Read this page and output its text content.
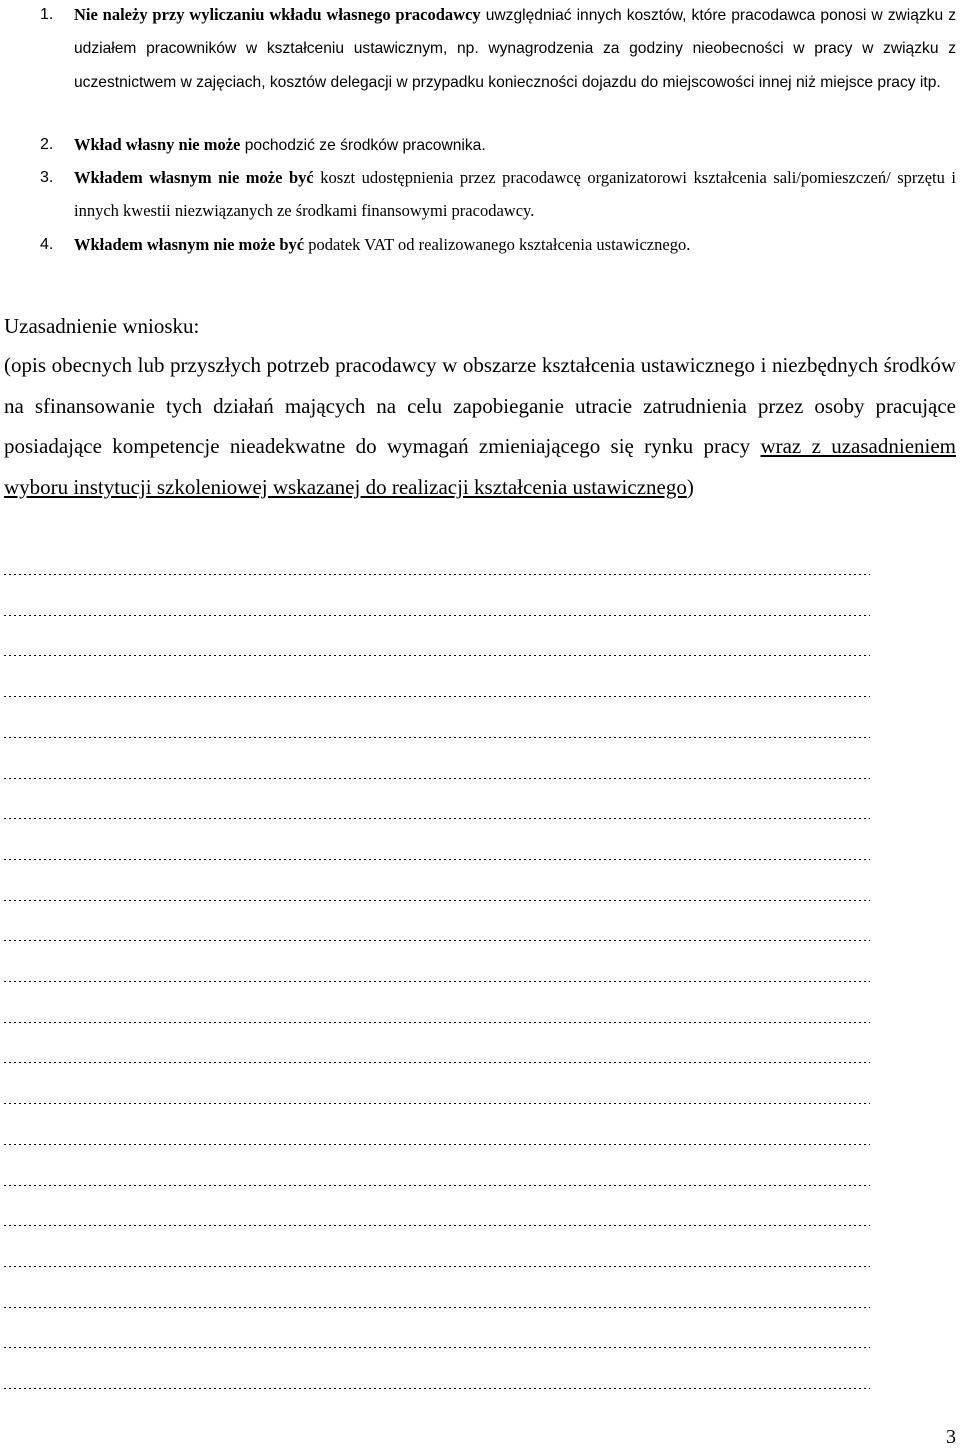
1. Nie należy przy wyliczaniu wkładu własnego pracodawcy uwzględniać innych kosztów, które pracodawca ponosi w związku z udziałem pracowników w kształceniu ustawicznym, np. wynagrodzenia za godziny nieobecności w pracy w związku z uczestnictwem w zajęciach, kosztów delegacji w przypadku konieczności dojazdu do miejscowości innej niż miejsce pracy itp.
2. Wkład własny nie może pochodzić ze środków pracownika.
3. Wkładem własnym nie może być koszt udostępnienia przez pracodawcę organizatorowi kształcenia sali/pomieszczeń/ sprzętu i innych kwestii niezwiązanych ze środkami finansowymi pracodawcy.
4. Wkładem własnym nie może być podatek VAT od realizowanego kształcenia ustawicznego.
Uzasadnienie wniosku:

(opis obecnych lub przyszłych potrzeb pracodawcy w obszarze kształcenia ustawicznego i niezbędnych środków na sfinansowanie tych działań mających na celu zapobieganie utracie zatrudnienia przez osoby pracujące posiadające kompetencje nieadekwatne do wymagań zmieniającego się rynku pracy wraz z uzasadnieniem wyboru instytucji szkoleniowej wskazanej do realizacji kształcenia ustawicznego)

3
